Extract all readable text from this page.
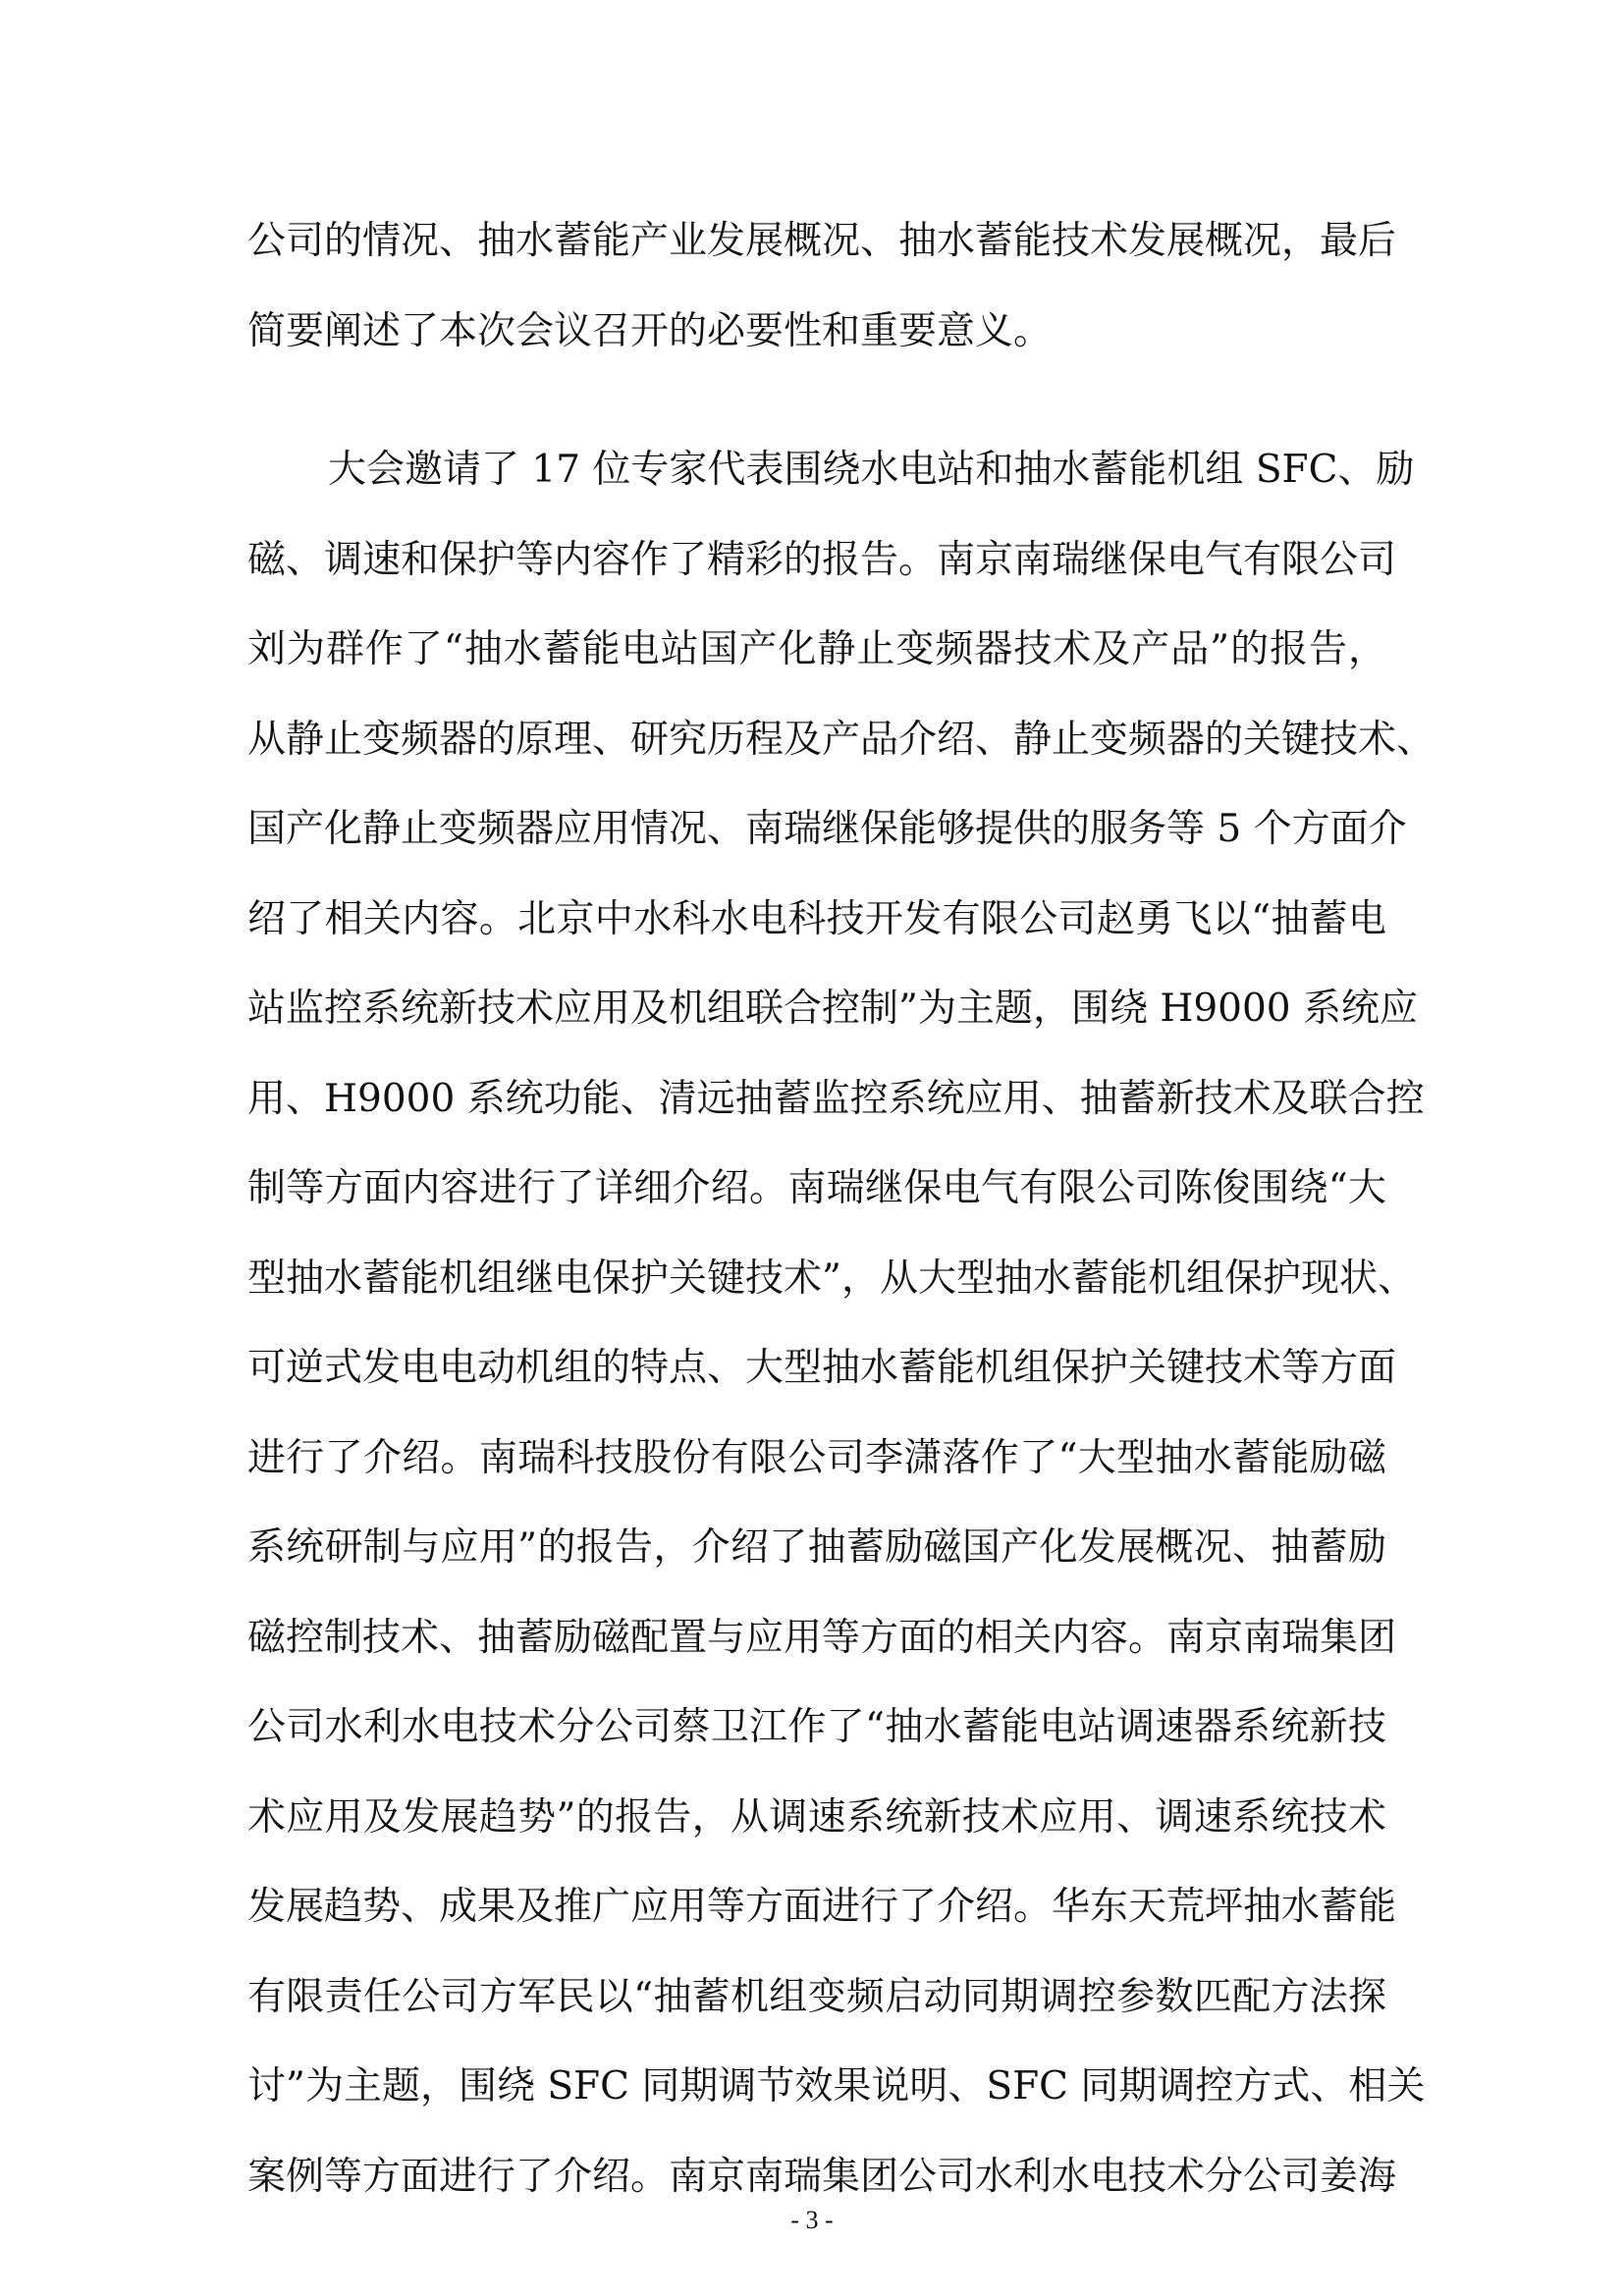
公司的情况、抽水蓄能产业发展概况、抽水蓄能技术发展概况，最后
简要阐述了本次会议召开的必要性和重要意义。
大会邀请了 17 位专家代表围绕水电站和抽水蓄能机组 SFC、励
磁、调速和保护等内容作了精彩的报告。南京南瑞继保电气有限公司
刘为群作了“抽水蓄能电站国产化静止变频器技术及产品”的报告，
从静止变频器的原理、研究历程及产品介绍、静止变频器的关键技术、
国产化静止变频器应用情况、南瑞继保能够提供的服务等 5 个方面介
绍了相关内容。北京中水科水电科技开发有限公司赵勇飞以“抽蓄电
站监控系统新技术应用及机组联合控制”为主题，围绕 H9000 系统应
用、H9000 系统功能、清远抽蓄监控系统应用、抽蓄新技术及联合控
制等方面内容进行了详细介绍。南瑞继保电气有限公司陈俊围绕“大
型抽水蓄能机组继电保护关键技术”，从大型抽水蓄能机组保护现状、
可逆式发电电动机组的特点、大型抽水蓄能机组保护关键技术等方面
进行了介绍。南瑞科技股份有限公司李潇落作了“大型抽水蓄能励磁
系统研制与应用”的报告，介绍了抽蓄励磁国产化发展概况、抽蓄励
磁控制技术、抽蓄励磁配置与应用等方面的相关内容。南京南瑞集团
公司水利水电技术分公司蔡卫江作了“抽水蓄能电站调速器系统新技
术应用及发展趋势”的报告，从调速系统新技术应用、调速系统技术
发展趋势、成果及推广应用等方面进行了介绍。华东天荒坪抽水蓄能
有限责任公司方军民以“抽蓄机组变频启动同期调控参数匹配方法探
讨”为主题，围绕 SFC 同期调节效果说明、SFC 同期调控方式、相关
案例等方面进行了介绍。南京南瑞集团公司水利水电技术分公司姜海
- 3 -
